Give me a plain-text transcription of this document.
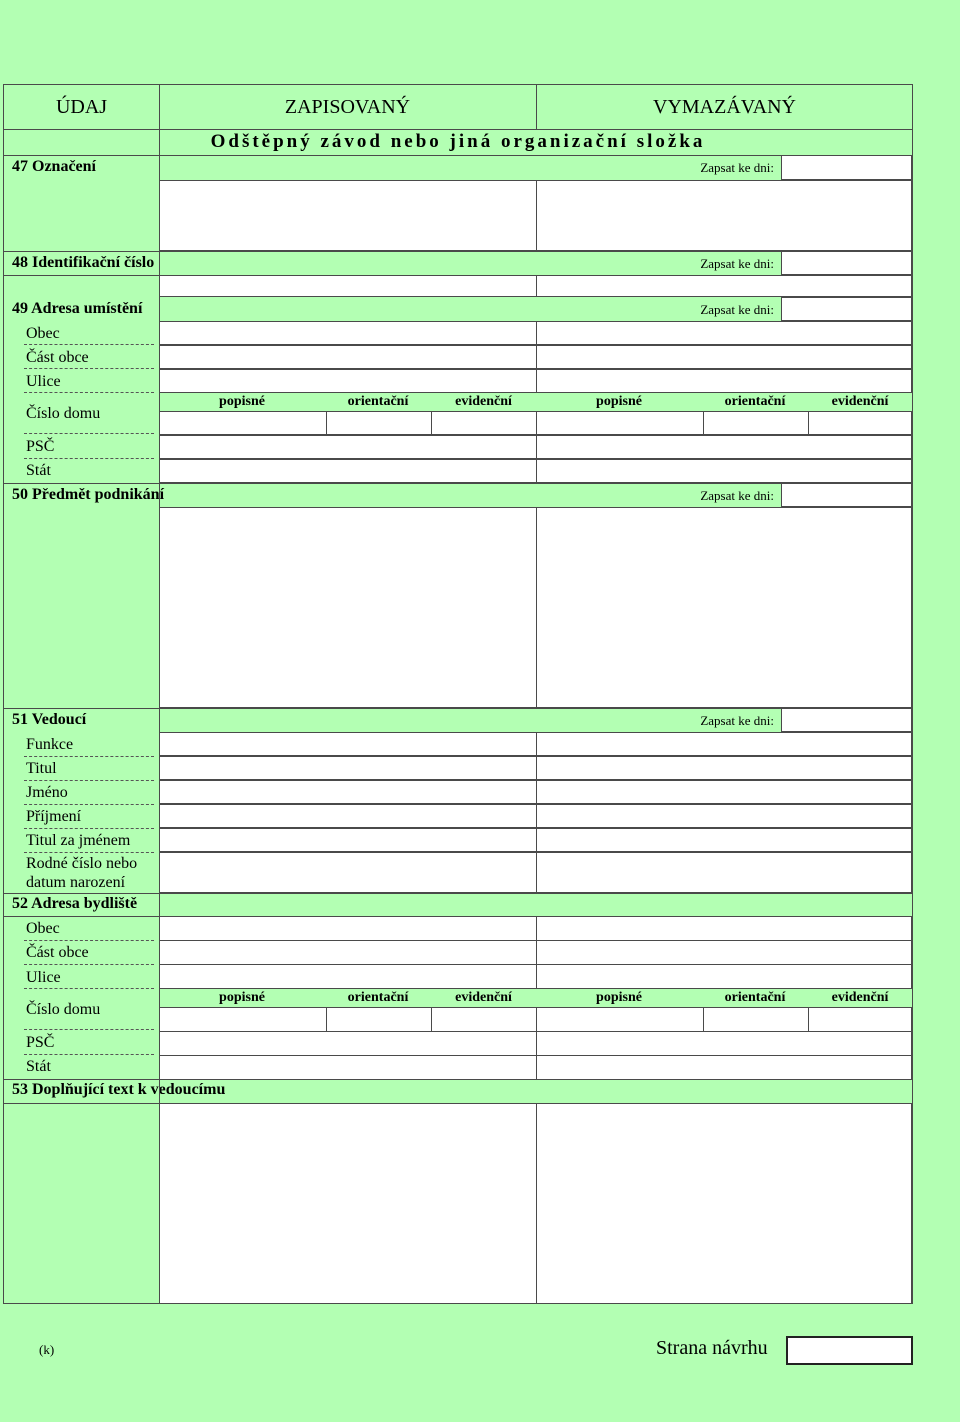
ÚDAJ	ZAPISOVANÝ	VYMAZÁVANÝ
Odštěpný závod nebo jiná organizační složka
47 Označení	Zapsat ke dni:
48 Identifikační číslo	Zapsat ke dni:
49 Adresa umístění	Zapsat ke dni:
Obec
Část obce
Ulice
Číslo domu
popisné	orientační	evidenční	popisné	orientační	evidenční
PSČ
Stát
50 Předmět podnikání	Zapsat ke dni:
51 Vedoucí	Zapsat ke dni:
Funkce
Titul
Jméno
Příjmení
Titul za jménem
Rodné číslo nebo
datum narození
52 Adresa bydliště
Obec
Část obce
Ulice
Číslo domu
popisné	orientační	evidenční	popisné	orientační	evidenční
PSČ
Stát
53 Doplňující text k vedoucímu
(k)	Strana návrhu
